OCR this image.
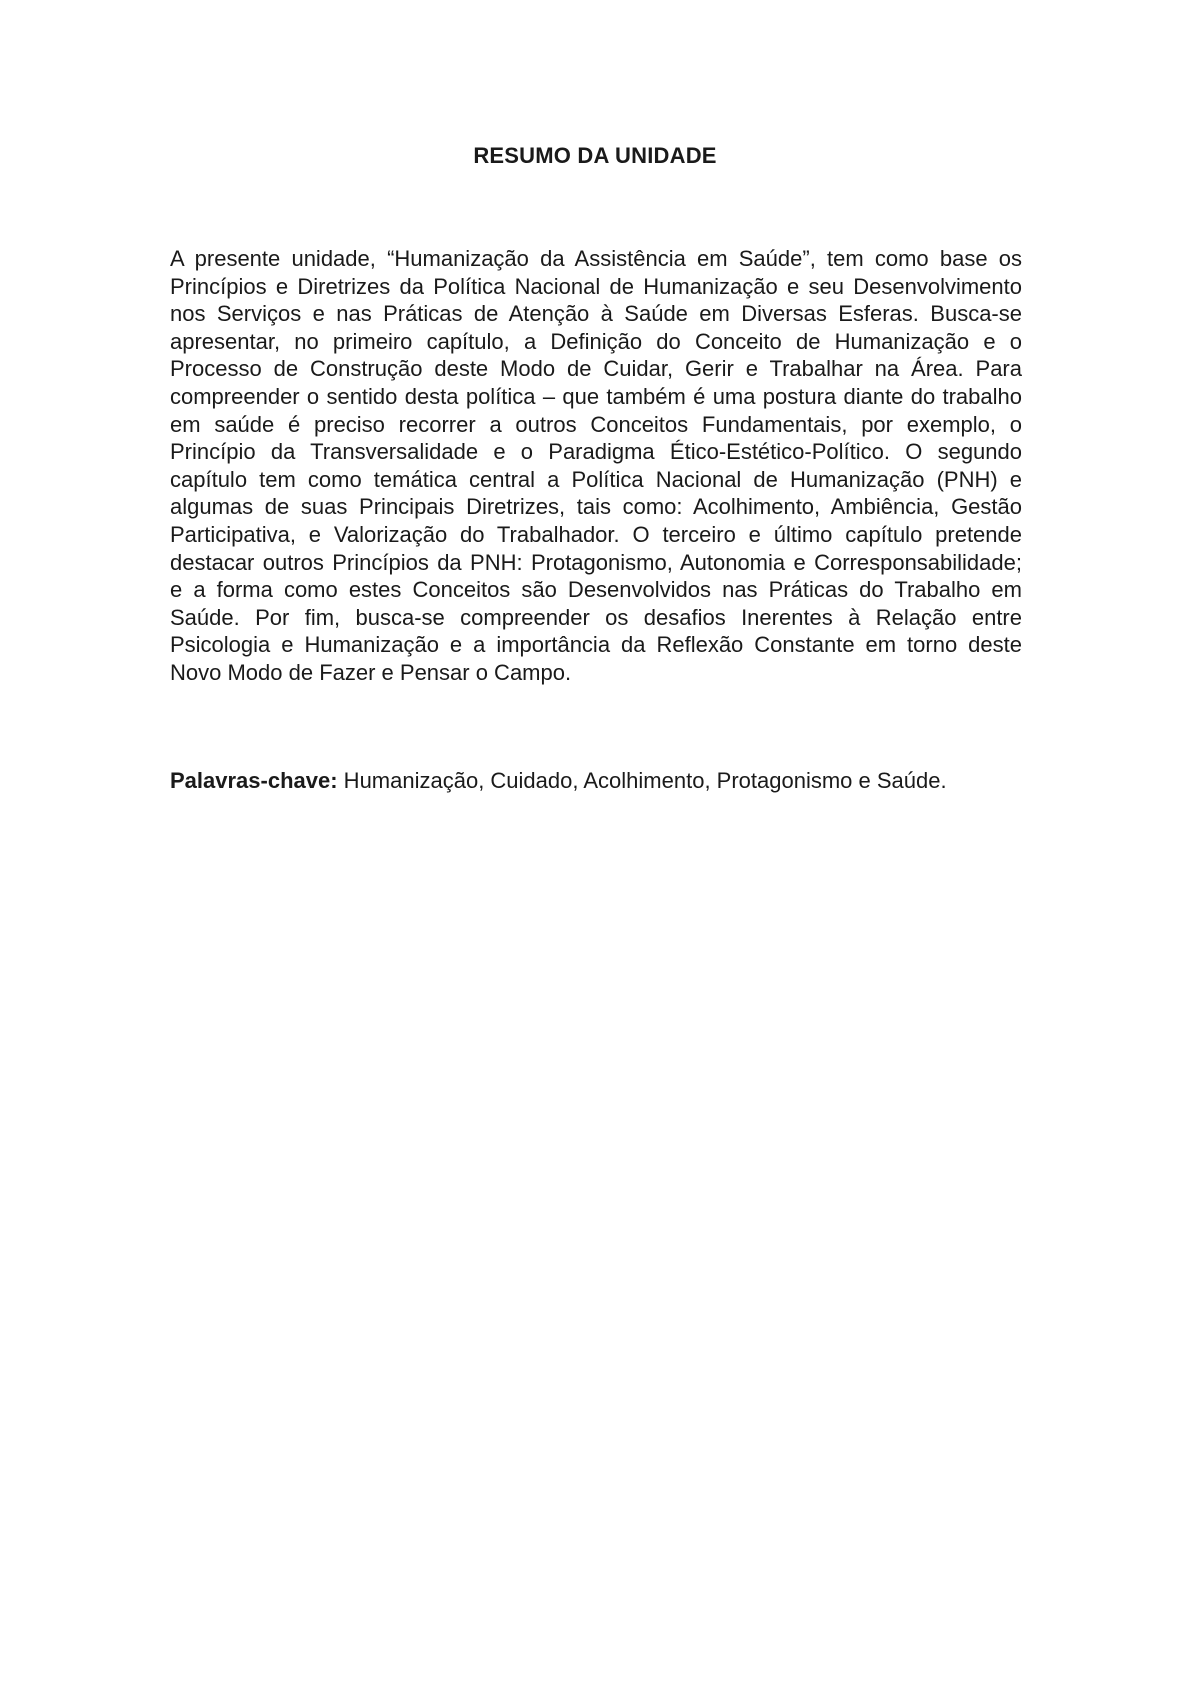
RESUMO DA UNIDADE

A presente unidade, “Humanização da Assistência em Saúde”, tem como base os Princípios e Diretrizes da Política Nacional de Humanização e seu Desenvolvimento nos Serviços e nas Práticas de Atenção à Saúde em Diversas Esferas. Busca-se apresentar, no primeiro capítulo, a Definição do Conceito de Humanização e o Processo de Construção deste Modo de Cuidar, Gerir e Trabalhar na Área. Para compreender o sentido desta política – que também é uma postura diante do trabalho em saúde é preciso recorrer a outros Conceitos Fundamentais, por exemplo, o Princípio da Transversalidade e o Paradigma Ético-Estético-Político. O segundo capítulo tem como temática central a Política Nacional de Humanização (PNH) e algumas de suas Principais Diretrizes, tais como: Acolhimento, Ambiência, Gestão Participativa, e Valorização do Trabalhador. O terceiro e último capítulo pretende destacar outros Princípios da PNH: Protagonismo, Autonomia e Corresponsabilidade; e a forma como estes Conceitos são Desenvolvidos nas Práticas do Trabalho em Saúde. Por fim, busca-se compreender os desafios Inerentes à Relação entre Psicologia e Humanização e a importância da Reflexão Constante em torno deste Novo Modo de Fazer e Pensar o Campo.

Palavras-chave: Humanização, Cuidado, Acolhimento, Protagonismo e Saúde.
